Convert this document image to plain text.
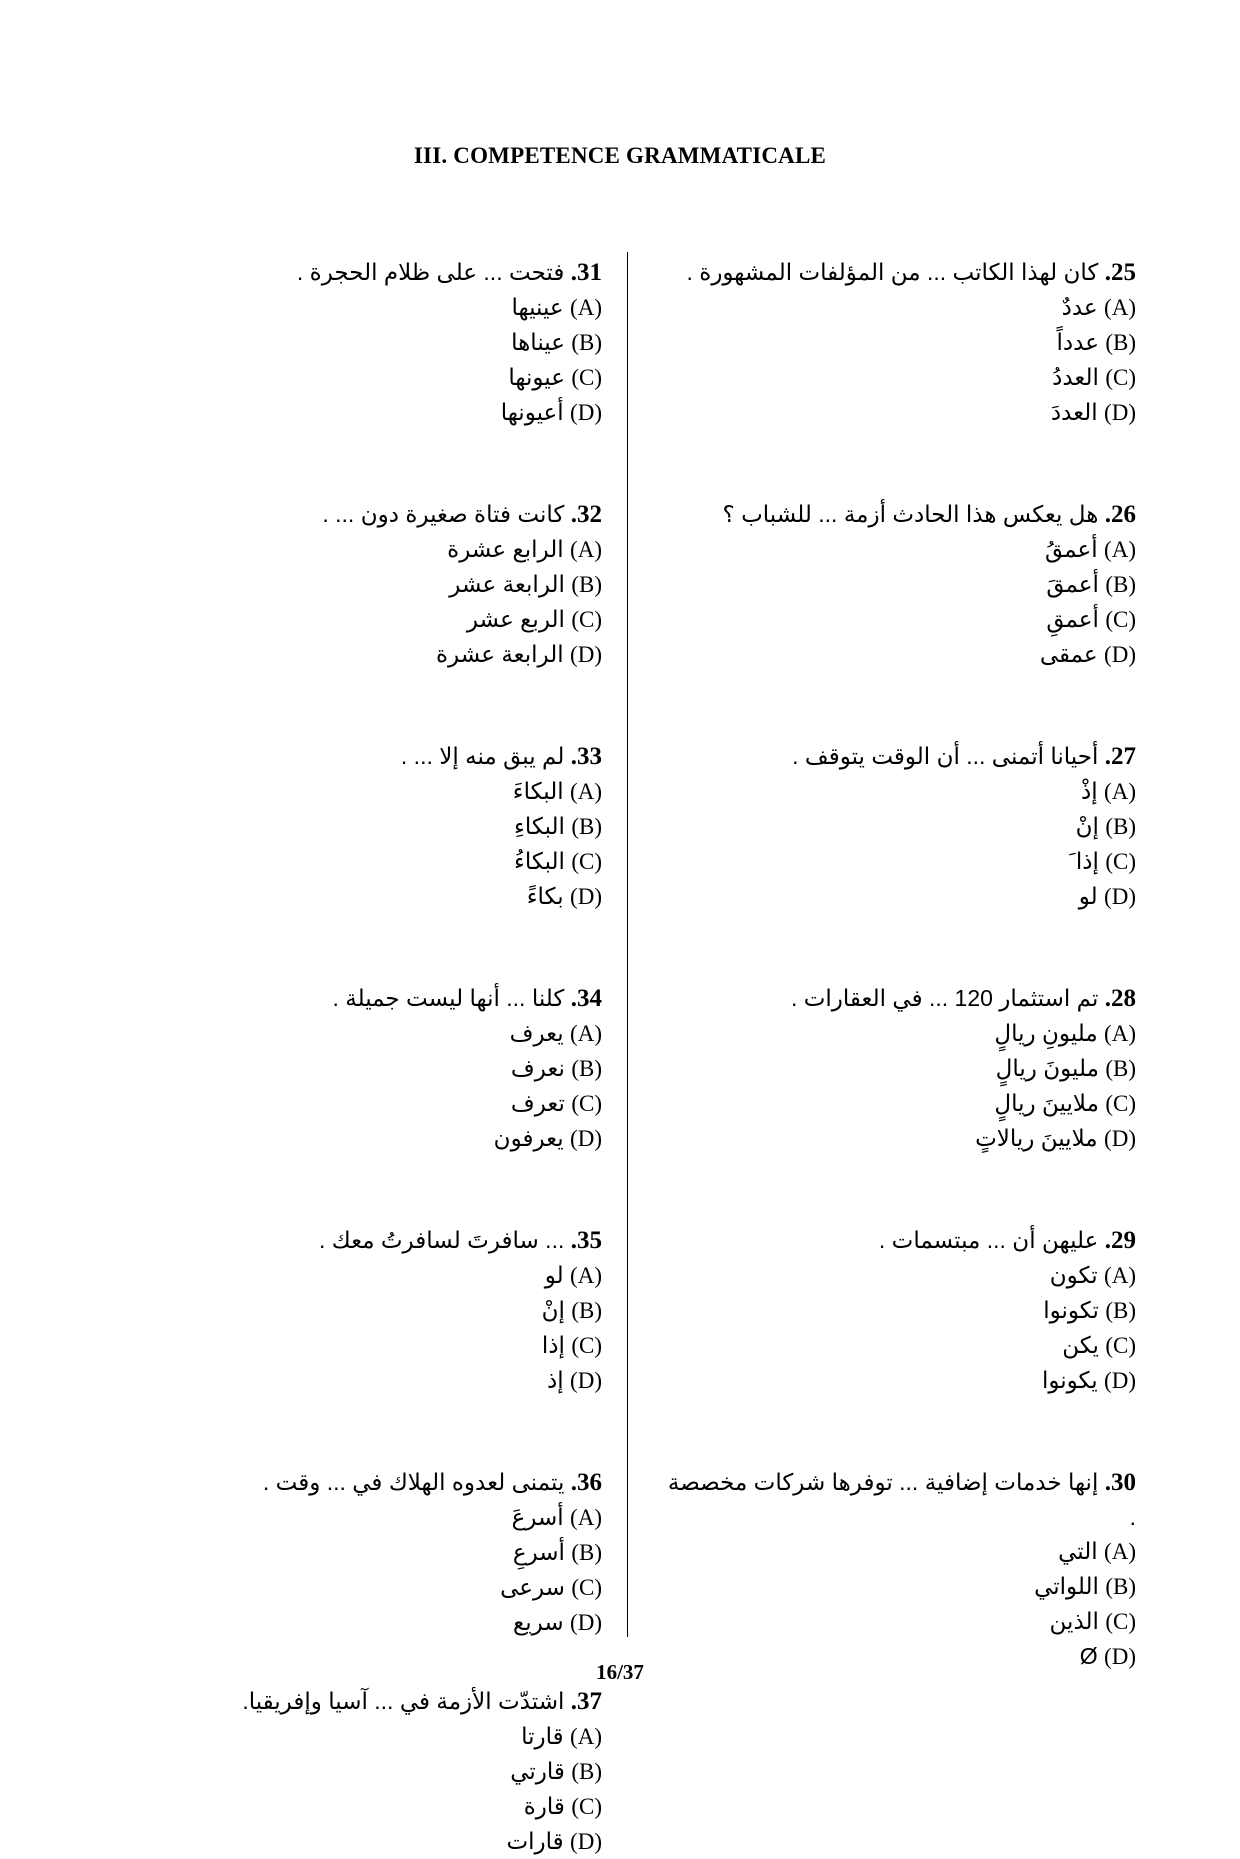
III. COMPETENCE GRAMMATICALE
25. كان لهذا الكاتب ... من المؤلفات المشهورة .
(A) عددٌ
(B) عدداً
(C) العددُ
(D) العددَ
26. هل يعكس هذا الحادث أزمة ... للشباب ؟
(A) أعمقُ
(B) أعمقَ
(C) أعمقِ
(D) عمقى
27. أحيانا أتمنى ... أن الوقت يتوقف .
(A) إذْ
(B) إنْ
(C) إذا َ
(D) لو
28. تم استثمار 120 ... في العقارات .
(A) مليونِ ريالٍ
(B) مليونَ ريالٍ
(C) ملايينَ ريالٍ
(D) ملايينَ ريالاتٍ
29. عليهن أن ... مبتسمات .
(A) تكون
(B) تكونوا
(C) يكن
(D) يكونوا
30. إنها خدمات إضافية ... توفرها شركات مخصصة .
(A) التي
(B) اللواتي
(C) الذين
(D) Ø
31. فتحت ... على ظلام الحجرة .
(A) عينيها
(B) عيناها
(C) عيونها
(D) أعيونها
32. كانت فتاة صغيرة دون ... .
(A) الرابع عشرة
(B) الرابعة عشر
(C) الربع عشر
(D) الرابعة عشرة
33. لم يبق منه إلا ... .
(A) البكاءَ
(B) البكاءِ
(C) البكاءُ
(D) بكاءً
34. كلنا ... أنها ليست جميلة .
(A) يعرف
(B) نعرف
(C) تعرف
(D) يعرفون
35. ... سافرتَ لسافرتُ معك .
(A) لو
(B) إنْ
(C) إذا
(D) إذ
36. يتمنى لعدوه الهلاك في ... وقت .
(A) أسرعَ
(B) أسرعِ
(C) سرعى
(D) سريع
37. اشتدّت الأزمة في ... آسيا وإفريقيا.
(A) قارتا
(B) قارتي
(C) قارة
(D) قارات
16/37
